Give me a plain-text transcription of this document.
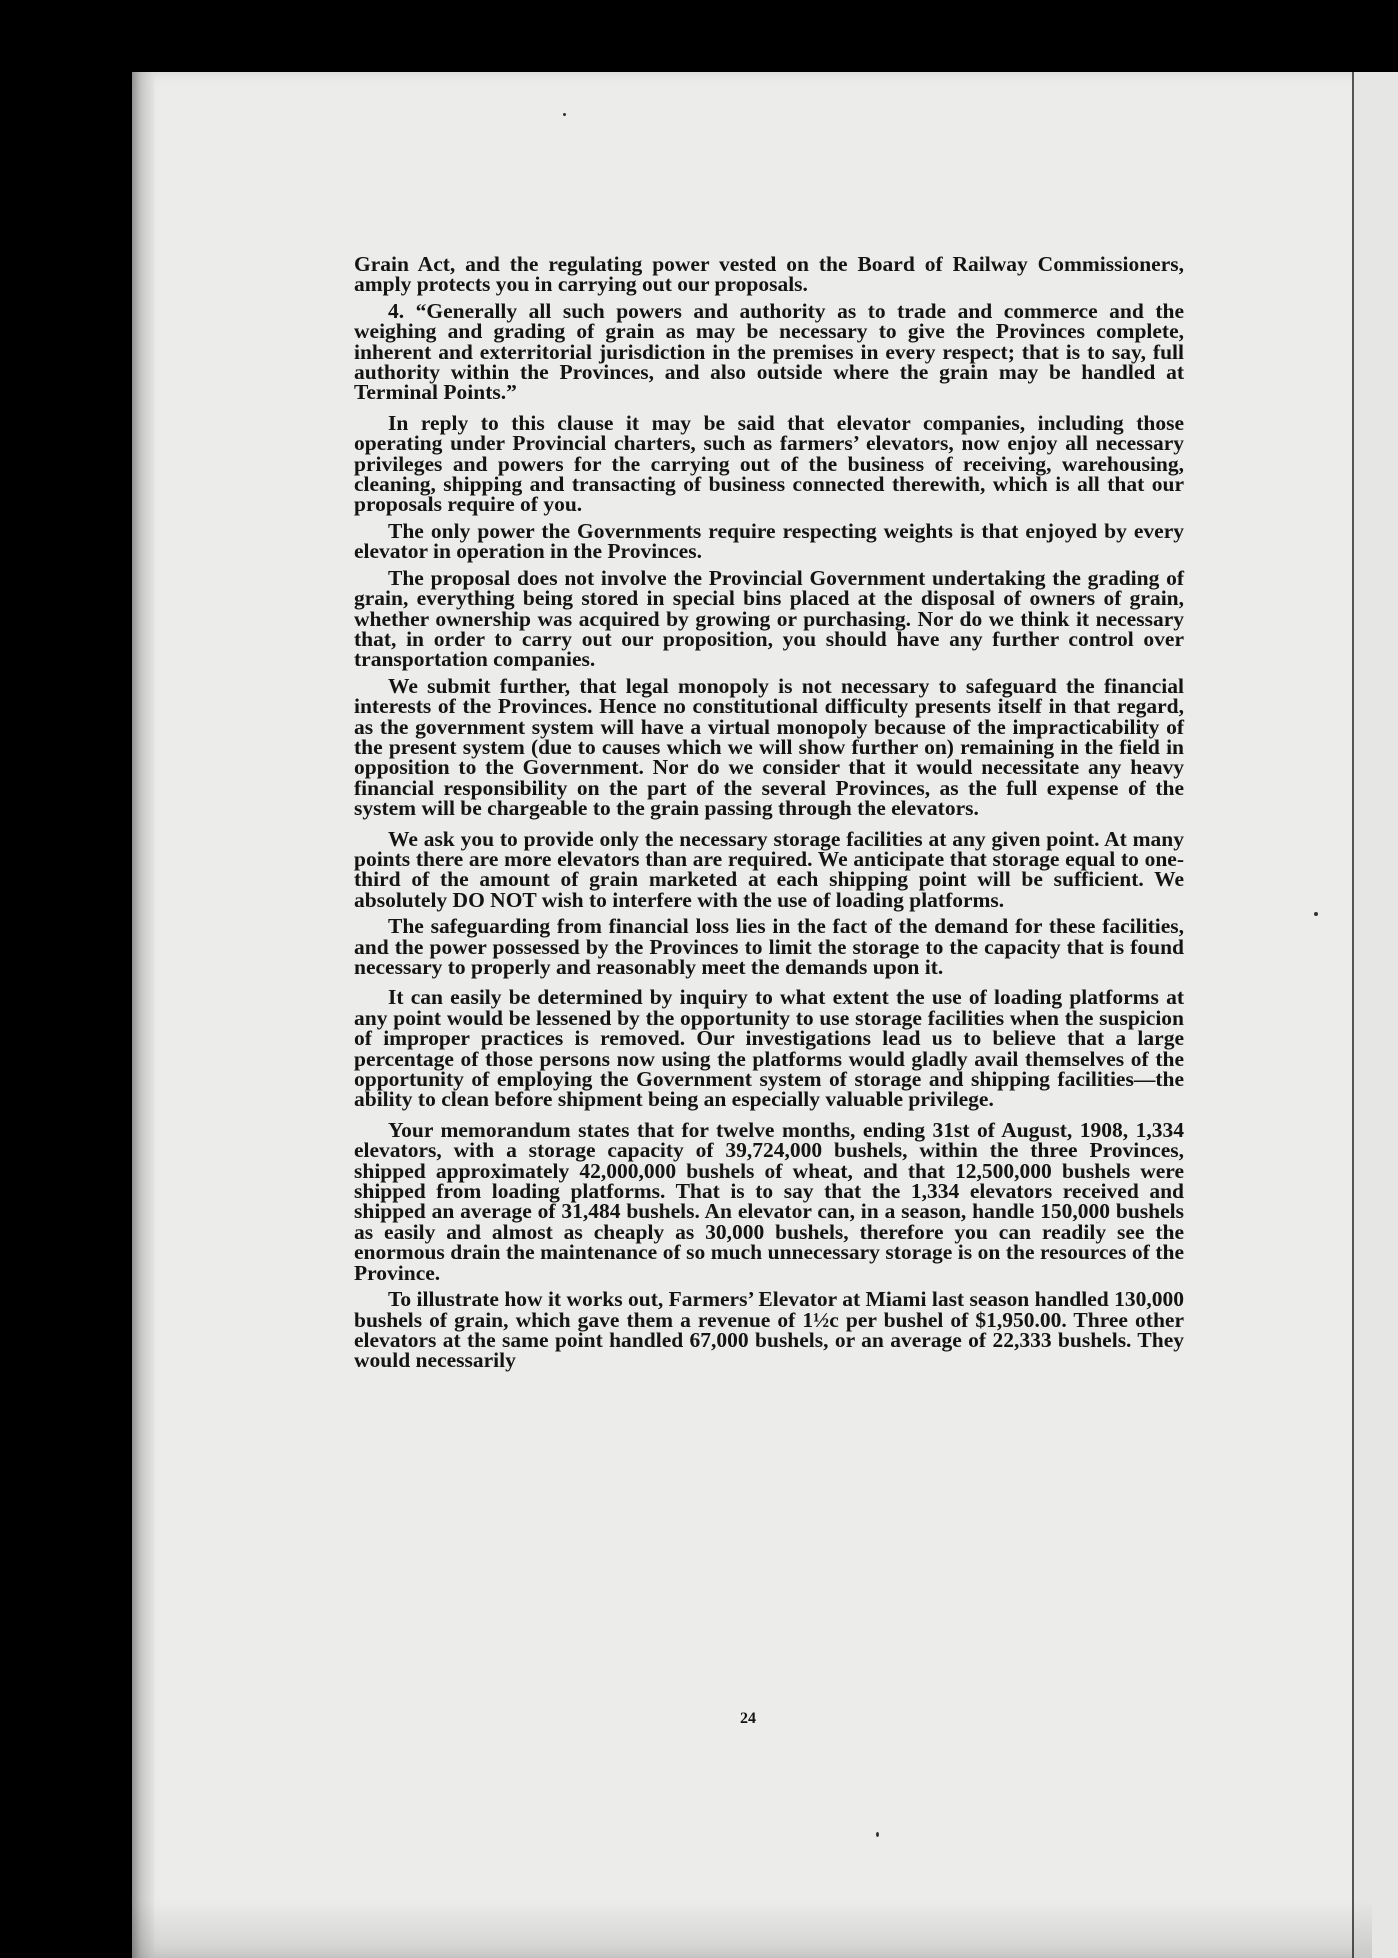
Grain Act, and the regulating power vested on the Board of Railway Commissioners, amply protects you in carrying out our proposals.

4. “Generally all such powers and authority as to trade and commerce and the weighing and grading of grain as may be necessary to give the Provinces complete, inherent and exterritorial jurisdiction in the premises in every respect; that is to say, full authority within the Provinces, and also outside where the grain may be handled at Terminal Points.”

In reply to this clause it may be said that elevator companies, including those operating under Provincial charters, such as farmers’ elevators, now enjoy all necessary privileges and powers for the carrying out of the business of receiving, warehousing, cleaning, shipping and transacting of business connected therewith, which is all that our proposals require of you.

The only power the Governments require respecting weights is that enjoyed by every elevator in operation in the Provinces.

The proposal does not involve the Provincial Government undertaking the grading of grain, everything being stored in special bins placed at the disposal of owners of grain, whether ownership was acquired by growing or purchasing. Nor do we think it necessary that, in order to carry out our proposition, you should have any further control over transportation companies.

We submit further, that legal monopoly is not necessary to safeguard the financial interests of the Provinces. Hence no constitutional difficulty presents itself in that regard, as the government system will have a virtual monopoly because of the impracticability of the present system (due to causes which we will show further on) remaining in the field in opposition to the Government. Nor do we consider that it would necessitate any heavy financial responsibility on the part of the several Provinces, as the full expense of the system will be chargeable to the grain passing through the elevators.

We ask you to provide only the necessary storage facilities at any given point. At many points there are more elevators than are required. We anticipate that storage equal to one-third of the amount of grain marketed at each shipping point will be sufficient. We absolutely DO NOT wish to interfere with the use of loading platforms.

The safeguarding from financial loss lies in the fact of the demand for these facilities, and the power possessed by the Provinces to limit the storage to the capacity that is found necessary to properly and reasonably meet the demands upon it.

It can easily be determined by inquiry to what extent the use of loading platforms at any point would be lessened by the opportunity to use storage facilities when the suspicion of improper practices is removed. Our investigations lead us to believe that a large percentage of those persons now using the platforms would gladly avail themselves of the opportunity of employing the Government system of storage and shipping facilities—the ability to clean before shipment being an especially valuable privilege.

Your memorandum states that for twelve months, ending 31st of August, 1908, 1,334 elevators, with a storage capacity of 39,724,000 bushels, within the three Provinces, shipped approximately 42,000,000 bushels of wheat, and that 12,500,000 bushels were shipped from loading platforms. That is to say that the 1,334 elevators received and shipped an average of 31,484 bushels. An elevator can, in a season, handle 150,000 bushels as easily and almost as cheaply as 30,000 bushels, therefore you can readily see the enormous drain the maintenance of so much unnecessary storage is on the resources of the Province.

To illustrate how it works out, Farmers’ Elevator at Miami last season handled 130,000 bushels of grain, which gave them a revenue of 1½c per bushel of $1,950.00. Three other elevators at the same point handled 67,000 bushels, or an average of 22,333 bushels. They would necessarily

24
